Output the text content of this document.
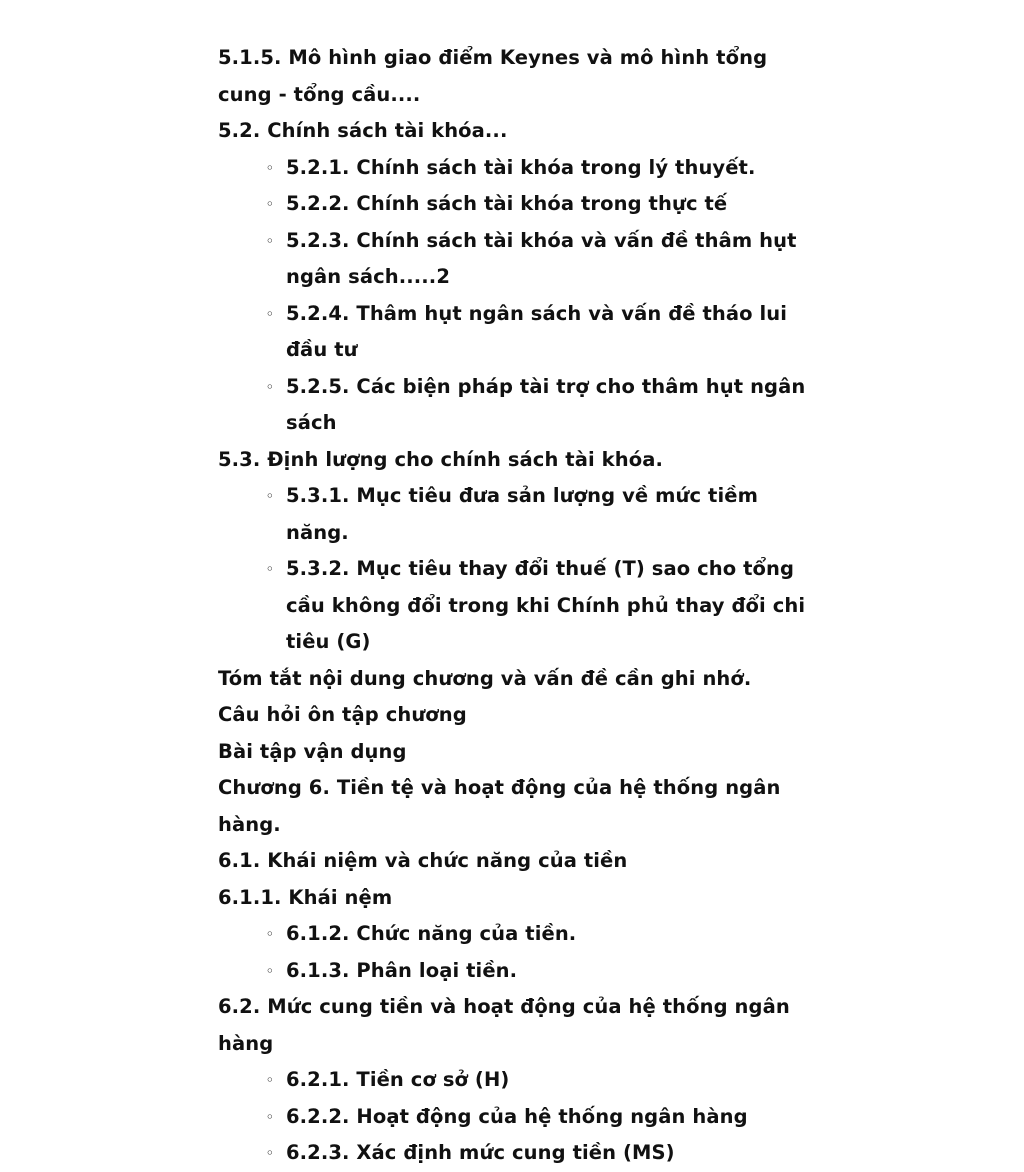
5.1.5. Mô hình giao điểm Keynes và mô hình tổng cung - tổng cầu....
5.2. Chính sách tài khóa...
◦ 5.2.1. Chính sách tài khóa trong lý thuyết.
◦ 5.2.2. Chính sách tài khóa trong thực tế
◦ 5.2.3. Chính sách tài khóa và vấn đề thâm hụt ngân sách.....2
◦ 5.2.4. Thâm hụt ngân sách và vấn đề tháo lui đầu tư
◦ 5.2.5. Các biện pháp tài trợ cho thâm hụt ngân sách
5.3. Định lượng cho chính sách tài khóa.
◦ 5.3.1. Mục tiêu đưa sản lượng về mức tiềm năng.
◦ 5.3.2. Mục tiêu thay đổi thuế (T) sao cho tổng cầu không đổi trong khi Chính phủ thay đổi chi tiêu (G)
Tóm tắt nội dung chương và vấn đề cần ghi nhớ.
Câu hỏi ôn tập chương
Bài tập vận dụng
Chương 6. Tiền tệ và hoạt động của hệ thống ngân hàng.
6.1. Khái niệm và chức năng của tiền
6.1.1. Khái nệm
◦ 6.1.2. Chức năng của tiền.
◦ 6.1.3. Phân loại tiền.
6.2. Mức cung tiền và hoạt động của hệ thống ngân hàng
◦ 6.2.1. Tiền cơ sở (H)
◦ 6.2.2. Hoạt động của hệ thống ngân hàng
◦ 6.2.3. Xác định mức cung tiền (MS)
